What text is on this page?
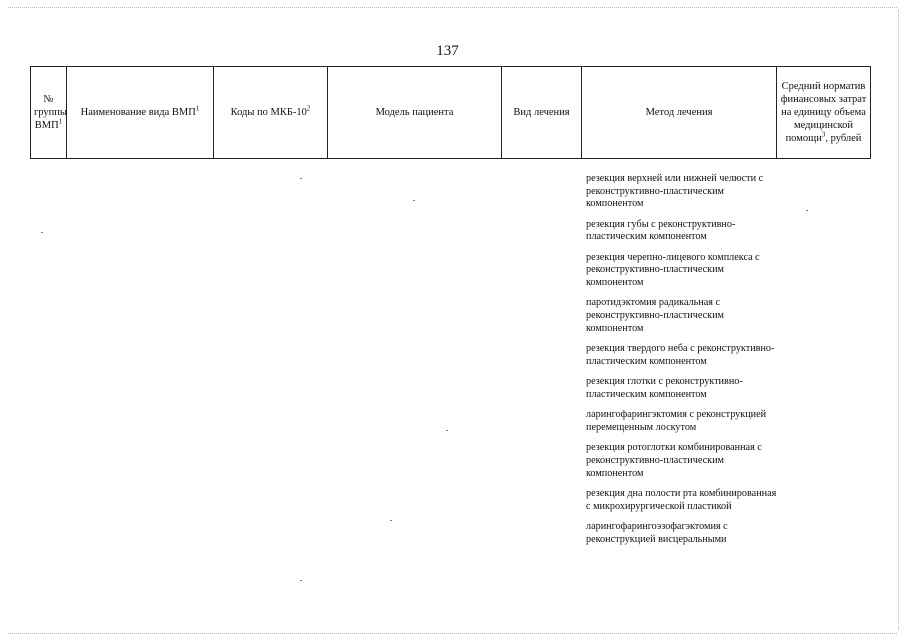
137
№ группы ВМП$^1$	Наименование вида ВМП$^1$	Коды по МКБ-$10^2$	Модель пациента	Вид лечения	Метод лечения	Средний норматив финансовых затрат на единицу объема медицинской помощи$^3$, рублей
резекция верхней или нижней челюсти с реконструктивно-пластическим компонентом
резекция губы с реконструктивно-пластическим компонентом
резекция черепно-лицевого комплекса с реконструктивно-пластическим компонентом
паротидэктомия радикальная с реконструктивно-пластическим компонентом
резекция твердого неба с реконструктивно-пластическим компонентом
резекция глотки с реконструктивно-пластическим компонентом
ларингофарингэктомия с реконструкцией перемещенным лоскутом
резекция ротоглотки комбинированная с реконструктивно-пластическим компонентом
резекция дна полости рта комбинированная с микрохирургической пластикой
ларингофарингоэзофагэктомия с реконструкцией висцеральными
